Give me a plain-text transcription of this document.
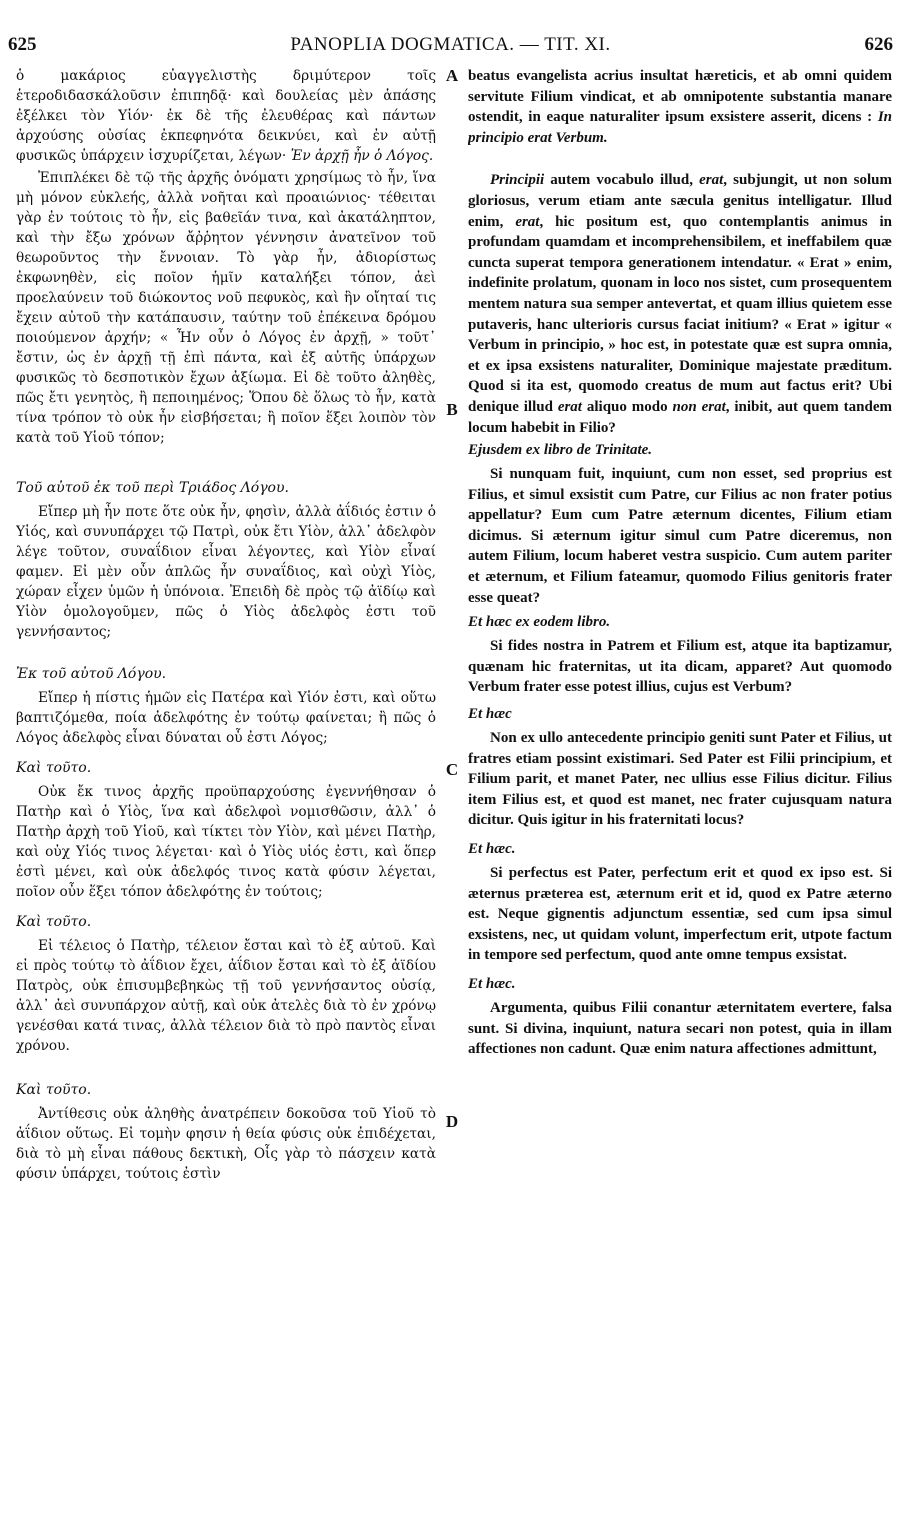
625	PANOPLIA DOGMATICA. — TIT. XI.	626

ὁ μακάριος εὐαγγελιστὴς δριμύτερον τοῖς ἑτεροδιδασκάλοῦσιν ἐπιπηδᾷ· καὶ δουλείας μὲν ἁπάσης ἐξέλκει τὸν Υἱόν· ἐκ δὲ τῆς ἐλευθέρας καὶ πάντων ἀρχούσης οὐσίας ἐκπεφηνότα δεικνύει, καὶ ἐν αὐτῇ φυσικῶς ὑπάρχειν ἰσχυρίζεται, λέγων· Ἐν ἀρχῇ ἦν ὁ Λόγος.

Ἐπιπλέκει δὲ τῷ τῆς ἀρχῆς ὀνόματι χρησίμως τὸ ἦν, ἵνα μὴ μόνον εὐκλεής, ἀλλὰ νοῆται καὶ προαιώνιος· τέθειται γὰρ ἐν τούτοις τὸ ἦν, εἰς βαθεῖάν τινα, καὶ ἀκατάληπτον, καὶ τὴν ἔξω χρόνων ἄῤῥητον γέννησιν ἀνατεῖνον τοῦ θεωροῦντος τὴν ἔννοιαν. Τὸ γὰρ ἦν, ἀδιορίστως ἐκφωνηθὲν, εἰς ποῖον ἡμῖν καταλήξει τόπον, ἀεὶ προελαύνειν τοῦ διώκοντος νοῦ πεφυκὸς, καὶ ἣν οἴηταί τις ἔχειν αὐτοῦ τὴν κατάπαυσιν, ταύτην τοῦ ἐπέκεινα δρόμου ποιούμενον ἀρχήν; « Ἦν οὖν ὁ Λόγος ἐν ἀρχῇ, » τοῦτ᾽ ἔστιν, ὡς ἐν ἀρχῇ τῇ ἐπὶ πάντα, καὶ ἐξ αὐτῆς ὑπάρχων φυσικῶς τὸ δεσποτικὸν ἔχων ἀξίωμα. Εἰ δὲ τοῦτο ἀληθὲς, πῶς ἔτι γενητὸς, ἢ πεποιημένος; Ὅπου δὲ ὅλως τὸ ἦν, κατὰ τίνα τρόπον τὸ οὐκ ἦν εἰσβήσεται; ἢ ποῖον ἕξει λοιπὸν τὸν κατὰ τοῦ Υἱοῦ τόπον;

Τοῦ αὐτοῦ ἐκ τοῦ περὶ Τριάδος Λόγου.

Εἴπερ μὴ ἦν ποτε ὅτε οὐκ ἦν, φησὶν, ἀλλὰ ἀΐδιός ἐστιν ὁ Υἱός, καὶ συνυπάρχει τῷ Πατρὶ, οὐκ ἔτι Υἱὸν, ἀλλ᾽ ἀδελφὸν λέγε τοῦτον, συναΐδιον εἶναι λέγοντες, καὶ Υἱὸν εἶναί φαμεν. Εἰ μὲν οὖν ἁπλῶς ἦν συναΐδιος, καὶ οὐχὶ Υἱὸς, χώραν εἶχεν ὑμῶν ἡ ὑπόνοια. Ἐπειδὴ δὲ πρὸς τῷ ἀϊδίῳ καὶ Υἱὸν ὁμολογοῦμεν, πῶς ὁ Υἱὸς ἀδελφὸς ἐστι τοῦ γεννήσαντος;

Ἐκ τοῦ αὐτοῦ Λόγου.

Εἴπερ ἡ πίστις ἡμῶν εἰς Πατέρα καὶ Υἱόν ἐστι, καὶ οὕτω βαπτιζόμεθα, ποία ἀδελφότης ἐν τούτῳ φαίνεται; ἢ πῶς ὁ Λόγος ἀδελφὸς εἶναι δύναται οὗ ἐστι Λόγος;

Καὶ τοῦτο.

Οὐκ ἔκ τινος ἀρχῆς προϋπαρχούσης ἐγεννήθησαν ὁ Πατὴρ καὶ ὁ Υἱὸς, ἵνα καὶ ἀδελφοὶ νομισθῶσιν, ἀλλ᾽ ὁ Πατὴρ ἀρχὴ τοῦ Υἱοῦ, καὶ τίκτει τὸν Υἱὸν, καὶ μένει Πατὴρ, καὶ οὐχ Υἱός τινος λέγεται· καὶ ὁ Υἱὸς υἱός ἐστι, καὶ ὅπερ ἐστὶ μένει, καὶ οὐκ ἀδελφός τινος κατὰ φύσιν λέγεται, ποῖον οὖν ἕξει τόπον ἀδελφότης ἐν τούτοις;

Καὶ τοῦτο.

Εἰ τέλειος ὁ Πατὴρ, τέλειον ἔσται καὶ τὸ ἐξ αὐτοῦ. Καὶ εἰ πρὸς τούτῳ τὸ ἀΐδιον ἔχει, ἀΐδιον ἔσται καὶ τὸ ἐξ ἀϊδίου Πατρὸς, οὐκ ἐπισυμβεβηκὼς τῇ τοῦ γεννήσαντος οὐσίᾳ, ἀλλ᾽ ἀεὶ συνυπάρχον αὐτῇ, καὶ οὐκ ἀτελὲς διὰ τὸ ἐν χρόνῳ γενέσθαι κατά τινας, ἀλλὰ τέλειον διὰ τὸ πρὸ παντὸς εἶναι χρόνου.

Καὶ τοῦτο.

Ἀντίθεσις οὐκ ἀληθὴς ἀνατρέπειν δοκοῦσα τοῦ Υἱοῦ τὸ ἀΐδιον οὕτως. Εἰ τομὴν φησιν ἡ θεία φύσις οὐκ ἐπιδέχεται, διὰ τὸ μὴ εἶναι πάθους δεκτικὴ, Οἷς γὰρ τὸ πάσχειν κατὰ φύσιν ὑπάρχει, τούτοις ἐστὶν

A
B
C
D

beatus evangelista acrius insultat hæreticis, et ab omni quidem servitute Filium vindicat, et ab omnipotente substantia manare ostendit, in eaque naturaliter ipsum exsistere asserit, dicens : In principio erat Verbum.

Principii autem vocabulo illud, erat, subjungit, ut non solum gloriosus, verum etiam ante sæcula genitus intelligatur. Illud enim, erat, hic positum est, quo contemplantis animus in profundam quamdam et incomprehensibilem, et ineffabilem quæ cuncta superat tempora generationem intendatur. « Erat » enim, indefinite prolatum, quonam in loco nos sistet, cum prosequentem mentem natura sua semper antevertat, et quam illius quietem esse putaveris, hanc ulterioris cursus faciat initium? « Erat » igitur « Verbum in principio, » hoc est, in potestate quæ est supra omnia, et ex ipsa exsistens naturaliter, Dominique majestate præditum. Quod si ita est, quomodo creatus de mum aut factus erit? Ubi denique illud erat aliquo modo non erat, inibit, aut quem tandem locum habebit in Filio?

Ejusdem ex libro de Trinitate.

Si nunquam fuit, inquiunt, cum non esset, sed proprius est Filius, et simul exsistit cum Patre, cur Filius ac non frater potius appellatur? Eum cum Patre æternum dicentes, Filium etiam dicimus. Si æternum igitur simul cum Patre diceremus, non autem Filium, locum haberet vestra suspicio. Cum autem pariter et æternum, et Filium fateamur, quomodo Filius genitoris frater esse queat?

Et hæc ex eodem libro.

Si fides nostra in Patrem et Filium est, atque ita baptizamur, quænam hic fraternitas, ut ita dicam, apparet? Aut quomodo Verbum frater esse potest illius, cujus est Verbum?

Et hæc

Non ex ullo antecedente principio geniti sunt Pater et Filius, ut fratres etiam possint existimari. Sed Pater est Filii principium, et Filium parit, et manet Pater, nec ullius esse Filius dicitur. Filius item Filius est, et quod est manet, nec frater cujusquam natura dicitur. Quis igitur in his fraternitati locus?

Et hæc.

Si perfectus est Pater, perfectum erit et quod ex ipso est. Si æternus præterea est, æternum erit et id, quod ex Patre æterno est. Neque gignentis adjunctum essentiæ, sed cum ipsa simul exsistens, nec, ut quidam volunt, imperfectum erit, utpote factum in tempore sed perfectum, quod ante omne tempus exsistat.

Et hæc.

Argumenta, quibus Filii conantur æternitatem evertere, falsa sunt. Si divina, inquiunt, natura secari non potest, quia in illam affectiones non cadunt. Quæ enim natura affectiones admittunt,
